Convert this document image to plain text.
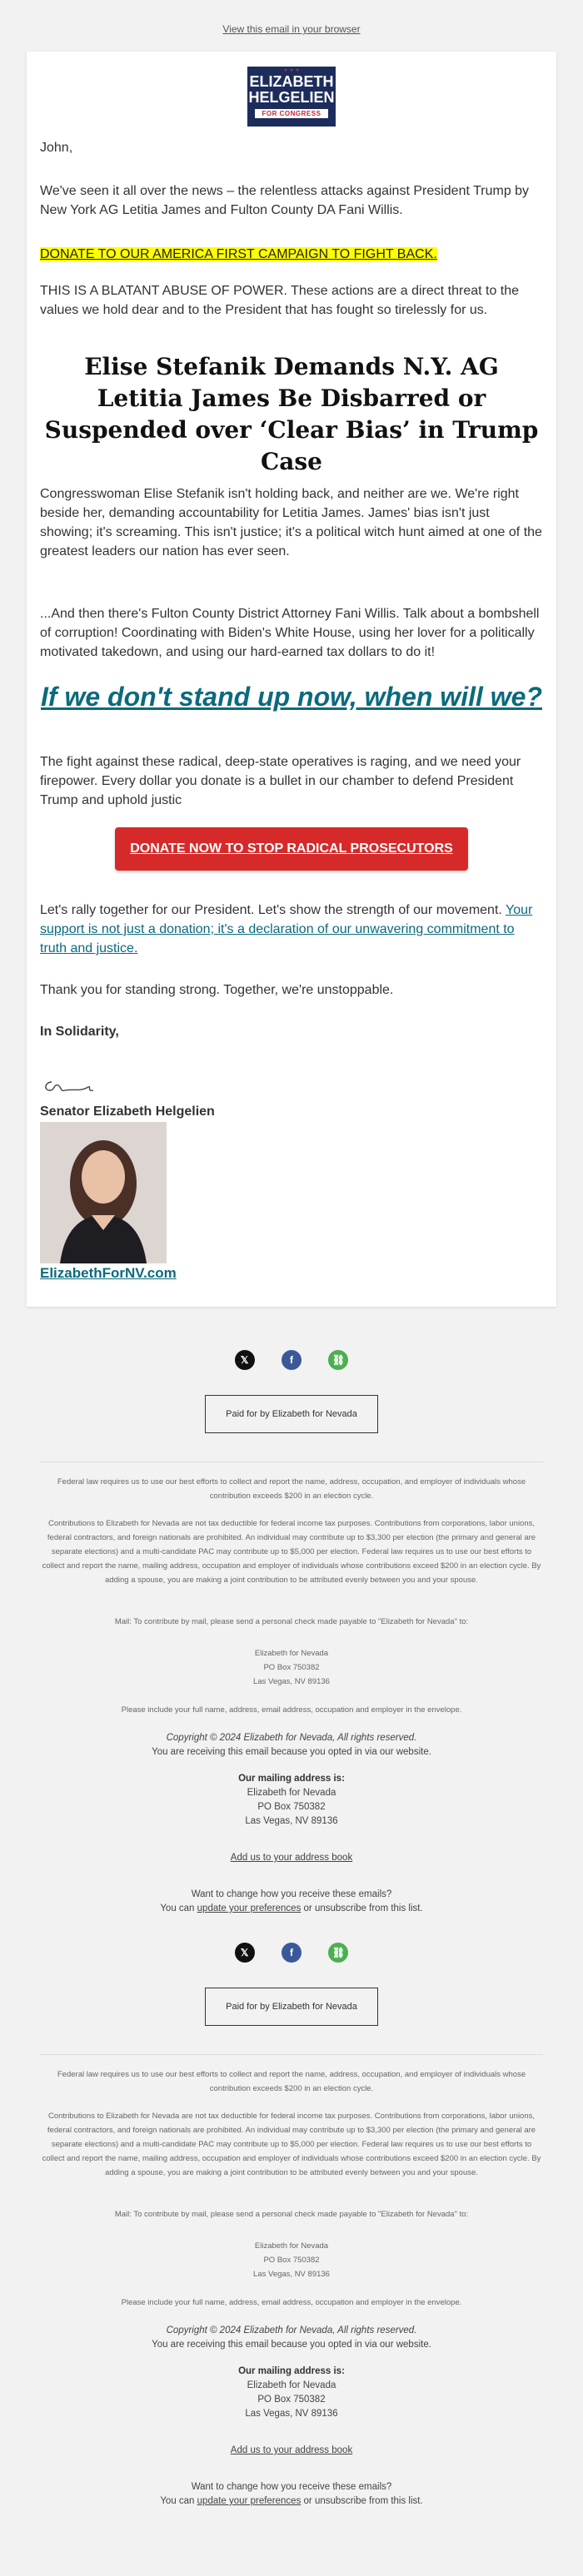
View this email in your browser
★ ★ ★
ELIZABETH
HELGELIEN
FOR CONGRESS
John,
We've seen it all over the news – the relentless attacks against President Trump by New York AG Letitia James and Fulton County DA Fani Willis.
DONATE TO OUR AMERICA FIRST CAMPAIGN TO FIGHT BACK.
THIS IS A BLATANT ABUSE OF POWER. These actions are a direct threat to the values we hold dear and to the President that has fought so tirelessly for us.
Elise Stefanik Demands N.Y. AG Letitia James Be Disbarred or Suspended over ‘Clear Bias’ in Trump Case
Congresswoman Elise Stefanik isn't holding back, and neither are we. We're right beside her, demanding accountability for Letitia James. James' bias isn't just showing; it's screaming. This isn't justice; it's a political witch hunt aimed at one of the greatest leaders our nation has ever seen.
...And then there's Fulton County District Attorney Fani Willis. Talk about a bombshell of corruption! Coordinating with Biden's White House, using her lover for a politically motivated takedown, and using our hard-earned tax dollars to do it!
If we don't stand up now, when will we?
The fight against these radical, deep-state operatives is raging, and we need your firepower. Every dollar you donate is a bullet in our chamber to defend President Trump and uphold justic
DONATE NOW TO STOP RADICAL PROSECUTORS
Let's rally together for our President. Let's show the strength of our movement. Your support is not just a donation; it's a declaration of our unwavering commitment to truth and justice.
Thank you for standing strong. Together, we're unstoppable.
In Solidarity,
Senator Elizabeth Helgelien
ElizabethForNV.com
𝕏	f	⛓
Paid for by Elizabeth for Nevada
Federal law requires us to use our best efforts to collect and report the name, address, occupation, and employer of individuals whose contribution exceeds $200 in an election cycle.
Contributions to Elizabeth for Nevada are not tax deductible for federal income tax purposes. Contributions from corporations, labor unions, federal contractors, and foreign nationals are prohibited. An individual may contribute up to $3,300 per election (the primary and general are separate elections) and a multi-candidate PAC may contribute up to $5,000 per election. Federal law requires us to use our best efforts to collect and report the name, mailing address, occupation and employer of individuals whose contributions exceed $200 in an election cycle. By adding a spouse, you are making a joint contribution to be attributed evenly between you and your spouse.
Mail: To contribute by mail, please send a personal check made payable to "Elizabeth for Nevada" to:
Elizabeth for Nevada
PO Box 750382
Las Vegas, NV 89136
Please include your full name, address, email address, occupation and employer in the envelope.
Copyright © 2024 Elizabeth for Nevada, All rights reserved.
You are receiving this email because you opted in via our website.
Our mailing address is:
Elizabeth for Nevada
PO Box 750382
Las Vegas, NV 89136
Add us to your address book
Want to change how you receive these emails?
You can update your preferences or unsubscribe from this list.
𝕏	f	⛓
Paid for by Elizabeth for Nevada
Federal law requires us to use our best efforts to collect and report the name, address, occupation, and employer of individuals whose contribution exceeds $200 in an election cycle.
Contributions to Elizabeth for Nevada are not tax deductible for federal income tax purposes. Contributions from corporations, labor unions, federal contractors, and foreign nationals are prohibited. An individual may contribute up to $3,300 per election (the primary and general are separate elections) and a multi-candidate PAC may contribute up to $5,000 per election. Federal law requires us to use our best efforts to collect and report the name, mailing address, occupation and employer of individuals whose contributions exceed $200 in an election cycle. By adding a spouse, you are making a joint contribution to be attributed evenly between you and your spouse.
Mail: To contribute by mail, please send a personal check made payable to "Elizabeth for Nevada" to:
Elizabeth for Nevada
PO Box 750382
Las Vegas, NV 89136
Please include your full name, address, email address, occupation and employer in the envelope.
Copyright © 2024 Elizabeth for Nevada, All rights reserved.
You are receiving this email because you opted in via our website.
Our mailing address is:
Elizabeth for Nevada
PO Box 750382
Las Vegas, NV 89136
Add us to your address book
Want to change how you receive these emails?
You can update your preferences or unsubscribe from this list.
